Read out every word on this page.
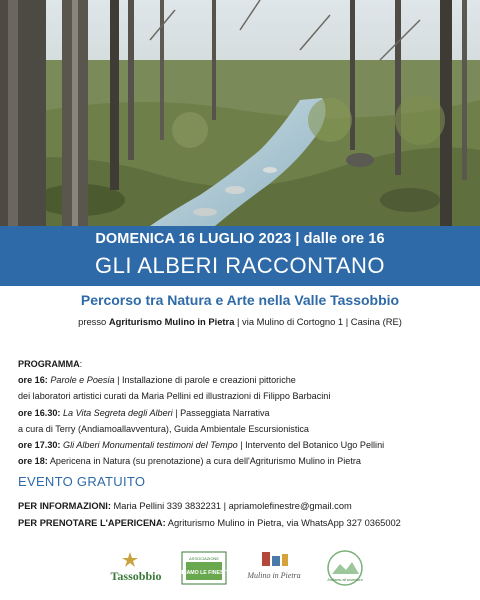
DOMENICA 16 LUGLIO 2023 | dalle ore 16
GLI ALBERI RACCONTANO
Percorso tra Natura e Arte nella Valle Tassobbio
presso Agriturismo Mulino in Pietra | via Mulino di Cortogno 1 | Casina (RE)
PROGRAMMA:
ore 16: Parole e Poesia | Installazione di parole e creazioni pittoriche
dei laboratori artistici curati da Maria Pellini ed illustrazioni di Filippo Barbacini
ore 16.30: La Vita Segreta degli Alberi | Passeggiata Narrativa
a cura di Terry (Andiamoallavventura), Guida Ambientale Escursionistica
ore 17.30: Gli Alberi Monumentali testimoni del Tempo | Intervento del Botanico Ugo Pellini
ore 18: Apericena in Natura (su prenotazione) a cura dell'Agriturismo Mulino in Pietra
EVENTO GRATUITO
PER INFORMAZIONI: Maria Pellini 339 3832231 | apriamolefinestre@gmail.com
PER PRENOTARE L'APERICENA: Agriturismo Mulino in Pietra, via WhatsApp 327 0365002
Tassobbio
ASSOCIAZIONE
APRIAMO LE FINESTRE Mulino in Pietra	Andiamo all'avventura
